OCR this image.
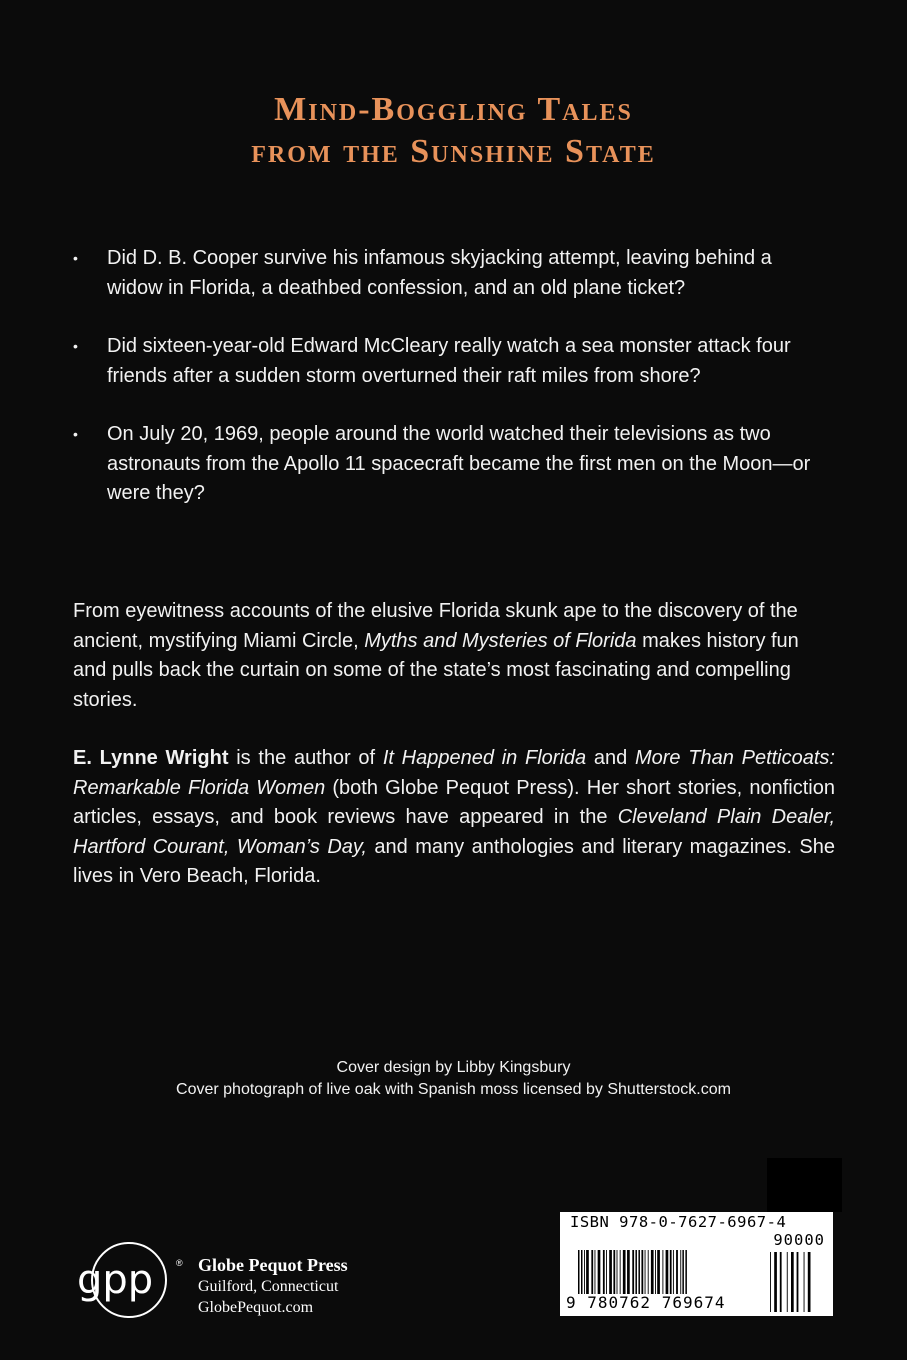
Mind-Boggling Tales
from the Sunshine State
• Did D. B. Cooper survive his infamous skyjacking attempt, leaving behind a widow in Florida, a deathbed confession, and an old plane ticket?
• Did sixteen-year-old Edward McCleary really watch a sea monster attack four friends after a sudden storm overturned their raft miles from shore?
• On July 20, 1969, people around the world watched their televisions as two astronauts from the Apollo 11 spacecraft became the first men on the Moon—or were they?

From eyewitness accounts of the elusive Florida skunk ape to the discovery of the ancient, mystifying Miami Circle, Myths and Mysteries of Florida makes history fun and pulls back the curtain on some of the state’s most fascinating and compelling stories.

E. Lynne Wright is the author of It Happened in Florida and More Than Petticoats: Remarkable Florida Women (both Globe Pequot Press). Her short stories, nonfiction articles, essays, and book reviews have appeared in the Cleveland Plain Dealer, Hartford Courant, Woman’s Day, and many anthologies and literary magazines. She lives in Vero Beach, Florida.

Cover design by Libby Kingsbury
Cover photograph of live oak with Spanish moss licensed by Shutterstock.com
gpp	® Globe Pequot Press
Guilford, Connecticut
GlobePequot.com
ISBN 978-0-7627-6967-4
90000
9 780762 769674
